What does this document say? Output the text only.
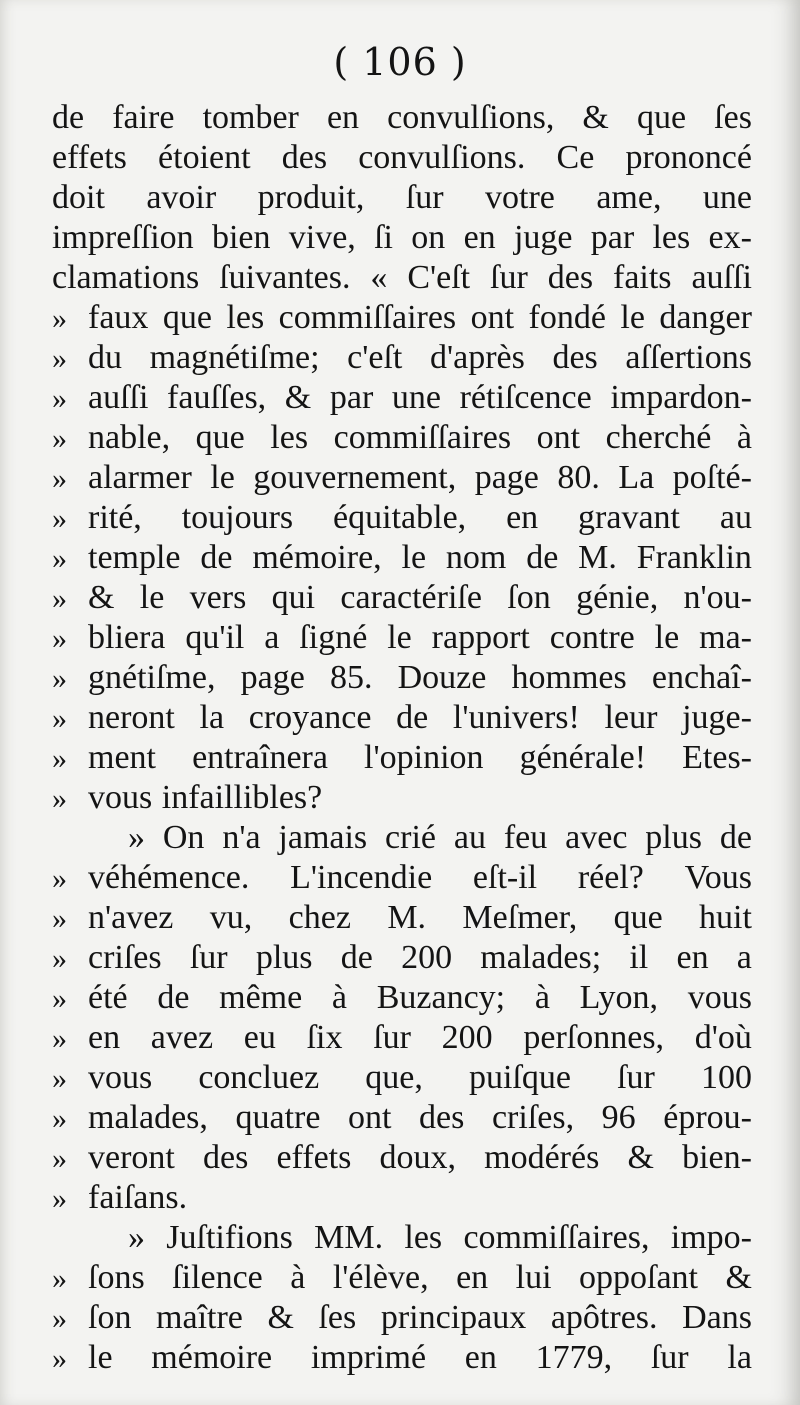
( 106 )
de faire tomber en convulſions, & que ſes
effets étoient des convulſions. Ce prononcé
doit avoir produit, ſur votre ame, une
impreſſion bien vive, ſi on en juge par les ex-
clamations ſuivantes. « C'eſt ſur des faits auſſi
» faux que les commiſſaires ont fondé le danger
» du magnétiſme; c'eſt d'après des aſſertions
» auſſi fauſſes, & par une rétiſcence impardon-
» nable, que les commiſſaires ont cherché à
» alarmer le gouvernement, page 80. La poſté-
» rité, toujours équitable, en gravant au
» temple de mémoire, le nom de M. Franklin
» & le vers qui caractériſe ſon génie, n'ou-
» bliera qu'il a ſigné le rapport contre le ma-
» gnétiſme, page 85. Douze hommes enchaî-
» neront la croyance de l'univers! leur juge-
» ment entraînera l'opinion générale! Etes-
» vous infaillibles?
» On n'a jamais crié au feu avec plus de
» véhémence. L'incendie eſt-il réel? Vous
» n'avez vu, chez M. Meſmer, que huit
» criſes ſur plus de 200 malades; il en a
» été de même à Buzancy; à Lyon, vous
» en avez eu ſix ſur 200 perſonnes, d'où
» vous concluez que, puiſque ſur 100
» malades, quatre ont des criſes, 96 éprou-
» veront des effets doux, modérés & bien-
» faiſans.
» Juſtifions MM. les commiſſaires, impo-
» ſons ſilence à l'élève, en lui oppoſant &
» ſon maître & ſes principaux apôtres. Dans
» le mémoire imprimé en 1779, ſur la
